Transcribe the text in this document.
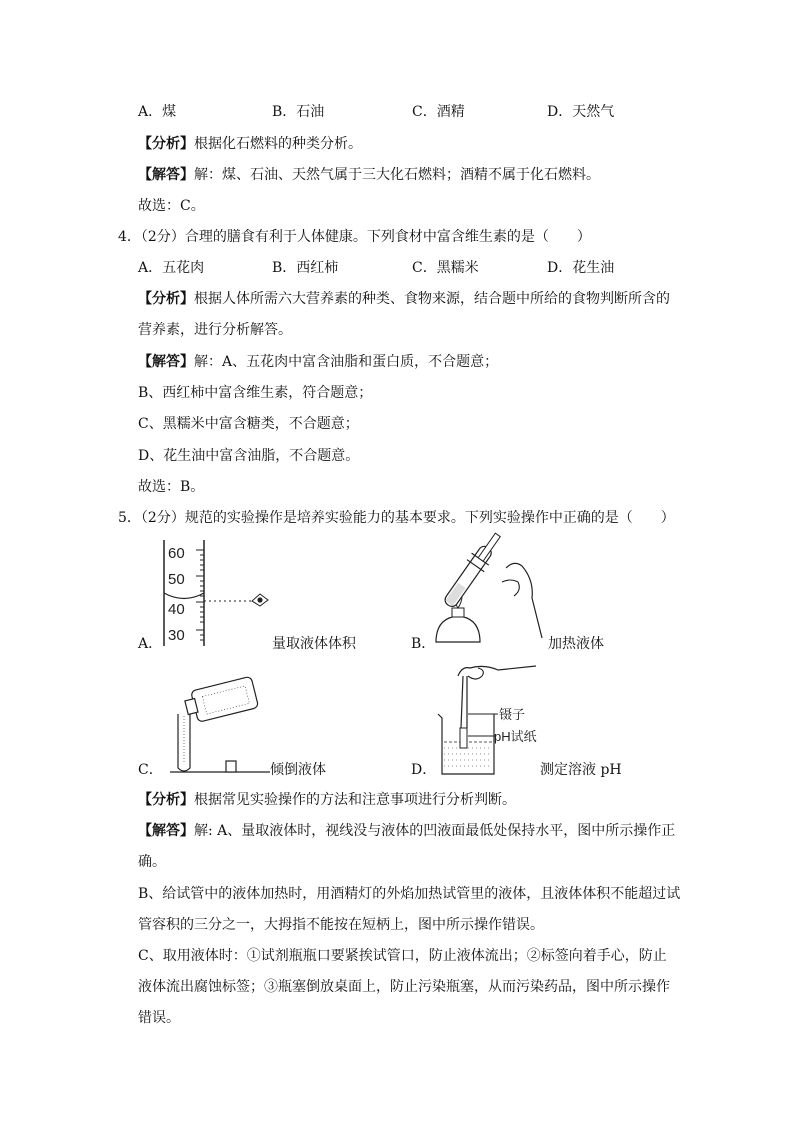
A．煤	B．石油	C．酒精	D．天然气
【分析】根据化石燃料的种类分析。
【解答】解：煤、石油、天然气属于三大化石燃料；酒精不属于化石燃料。
故选：C。
4．（2分）合理的膳食有利于人体健康。下列食材中富含维生素的是（　　）
A．五花肉	B．西红柿	C．黑糯米	D．花生油
【分析】根据人体所需六大营养素的种类、食物来源，结合题中所给的食物判断所含的
营养素，进行分析解答。
【解答】解：A、五花肉中富含油脂和蛋白质，不合题意；
B、西红柿中富含维生素，符合题意；
C、黑糯米中富含糖类，不合题意；
D、花生油中富含油脂，不合题意。
故选：B。
5．（2分）规范的实验操作是培养实验能力的基本要求。下列实验操作中正确的是（　　）
60
50
40
30
A．	量取液体体积	B．	加热液体
C．	倾倒液体
镊子
pH试纸
D．	测定溶液 pH
【分析】根据常见实验操作的方法和注意事项进行分析判断。
【解答】解: A、量取液体时，视线没与液体的凹液面最低处保持水平，图中所示操作正
确。
B、给试管中的液体加热时，用酒精灯的外焰加热试管里的液体，且液体体积不能超过试
管容积的三分之一，大拇指不能按在短柄上，图中所示操作错误。
C、取用液体时：①试剂瓶瓶口要紧挨试管口，防止液体流出；②标签向着手心，防止
液体流出腐蚀标签；③瓶塞倒放桌面上，防止污染瓶塞，从而污染药品，图中所示操作
错误。
